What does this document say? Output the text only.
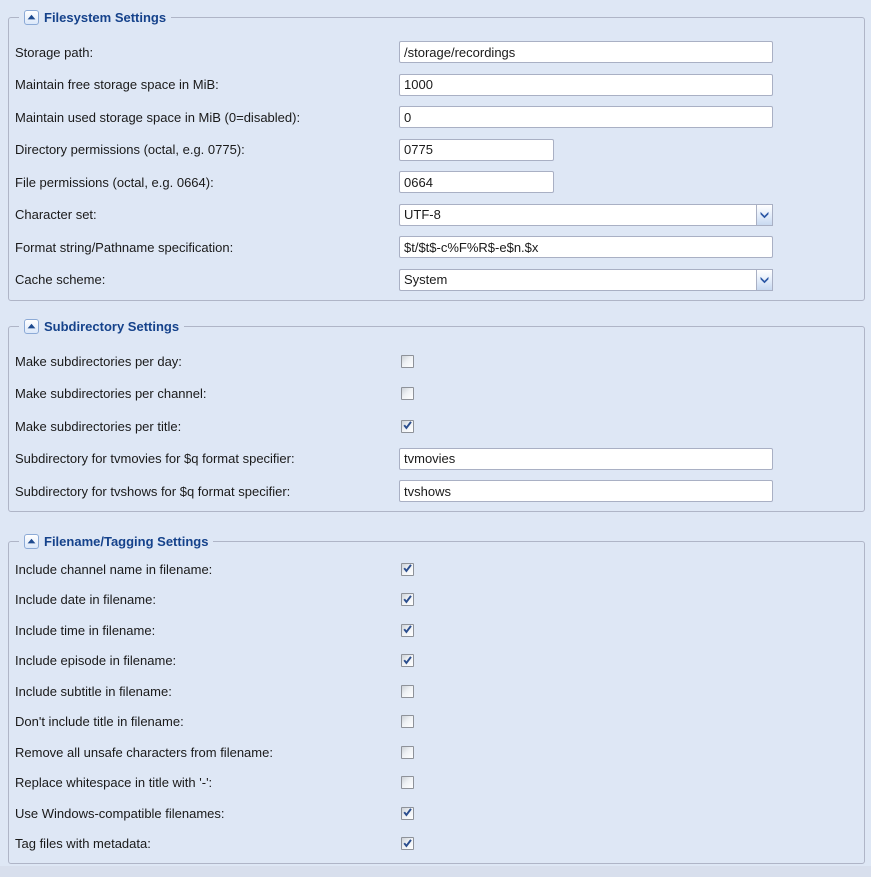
Filesystem Settings
Storage path:
/storage/recordings
Maintain free storage space in MiB:
1000
Maintain used storage space in MiB (0=disabled):
0
Directory permissions (octal, e.g. 0775):
0775
File permissions (octal, e.g. 0664):
0664
Character set:
UTF-8
Format string/Pathname specification:
$t/$t$-c%F%R$-e$n.$x
Cache scheme:
System
Subdirectory Settings
Make subdirectories per day:
Make subdirectories per channel:
Make subdirectories per title:
Subdirectory for tvmovies for $q format specifier:
tvmovies
Subdirectory for tvshows for $q format specifier:
tvshows
Filename/Tagging Settings
Include channel name in filename:
Include date in filename:
Include time in filename:
Include episode in filename:
Include subtitle in filename:
Don't include title in filename:
Remove all unsafe characters from filename:
Replace whitespace in title with '-':
Use Windows-compatible filenames:
Tag files with metadata:
